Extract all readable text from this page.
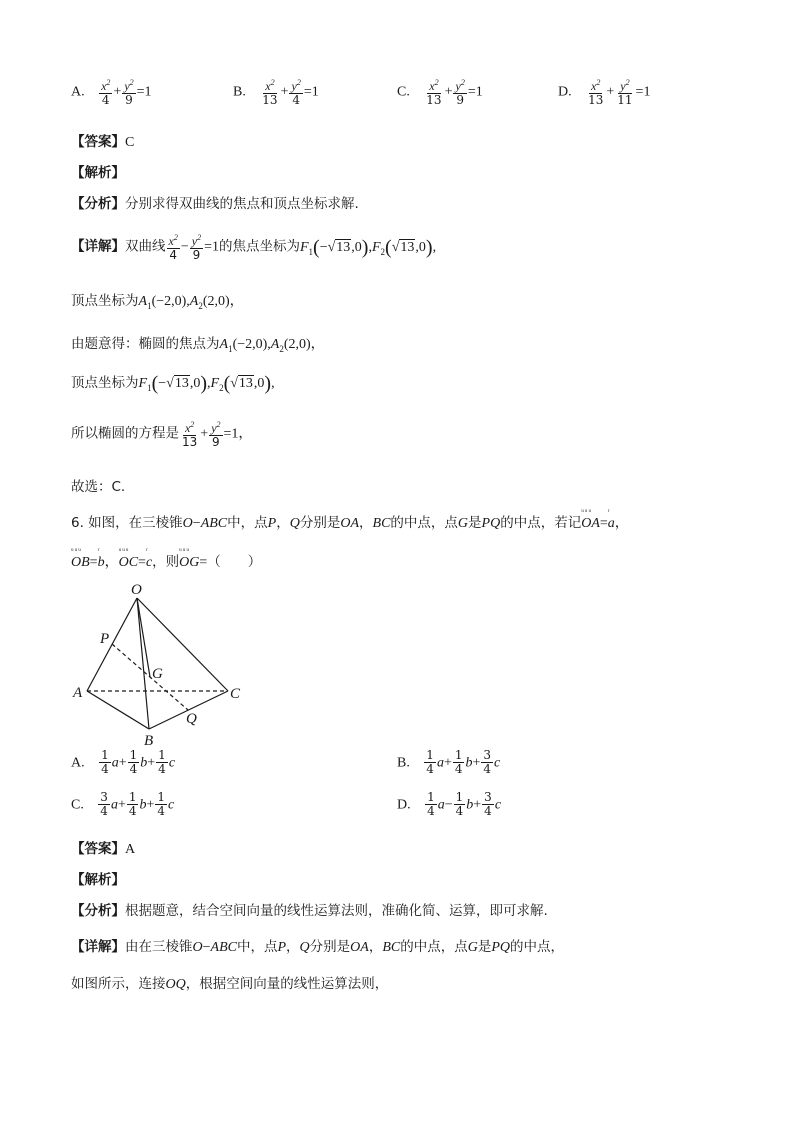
A. $\frac{x^2}{4} + \frac{y^2}{9} =1$	B. $\frac{x^2}{13} + \frac{y^2}{4} =1$	C. $\frac{x^2}{13} + \frac{y^2}{9} =1$	D. $\frac{x^2}{13} + \frac{y^2}{11} =1$
【答案】C
【解析】
【分析】分别求得双曲线的焦点和顶点坐标求解.
【详解】双曲线 $\frac{x^2}{4} - \frac{y^2}{9} =1$的焦点坐标为$F_1(-√13,0),F_2(√13,0)$,
顶点坐标为$A_1(-2,0),A_2(2,0)$，
由题意得：椭圆的焦点为$A_1(-2,0),A_2(2,0)$，
顶点坐标为$F_1(-√13,0),F_2(√13,0)$,
所以椭圆的方程是 $\frac{x^2}{13} + \frac{y^2}{9} =1$，
故选：C.
6. 如图，在三棱锥O−ABC中，点P，Q分别是OA，BC的中点，点G是PQ的中点，若记
ᵘᵘᵘ
OA=
ʳ
a，
ᵘᵘᵘ
OB=
ʳ
b，
ᵘᵘᵘ
OC=
ʳ
c，则
ᵘᵘᵘ
OG=（　　）
O
P
G
A	C
Q
B
A. $\frac{1}{4} a+ \frac{1}{4} b+ \frac{1}{4}$ c	B. $\frac{1}{4} a+ \frac{1}{4} b+ \frac{3}{4}$ c
C. $\frac{3}{4} a+ \frac{1}{4} b+ \frac{1}{4}$ c	D. $\frac{1}{4} a- \frac{1}{4} b+ \frac{3}{4}$ c
【答案】A
【解析】
【分析】根据题意，结合空间向量的线性运算法则，准确化简、运算，即可求解.
【详解】由在三棱锥O−ABC中，点P，Q分别是OA，BC的中点，点G是PQ的中点，
如图所示，连接OQ，根据空间向量的线性运算法则，
